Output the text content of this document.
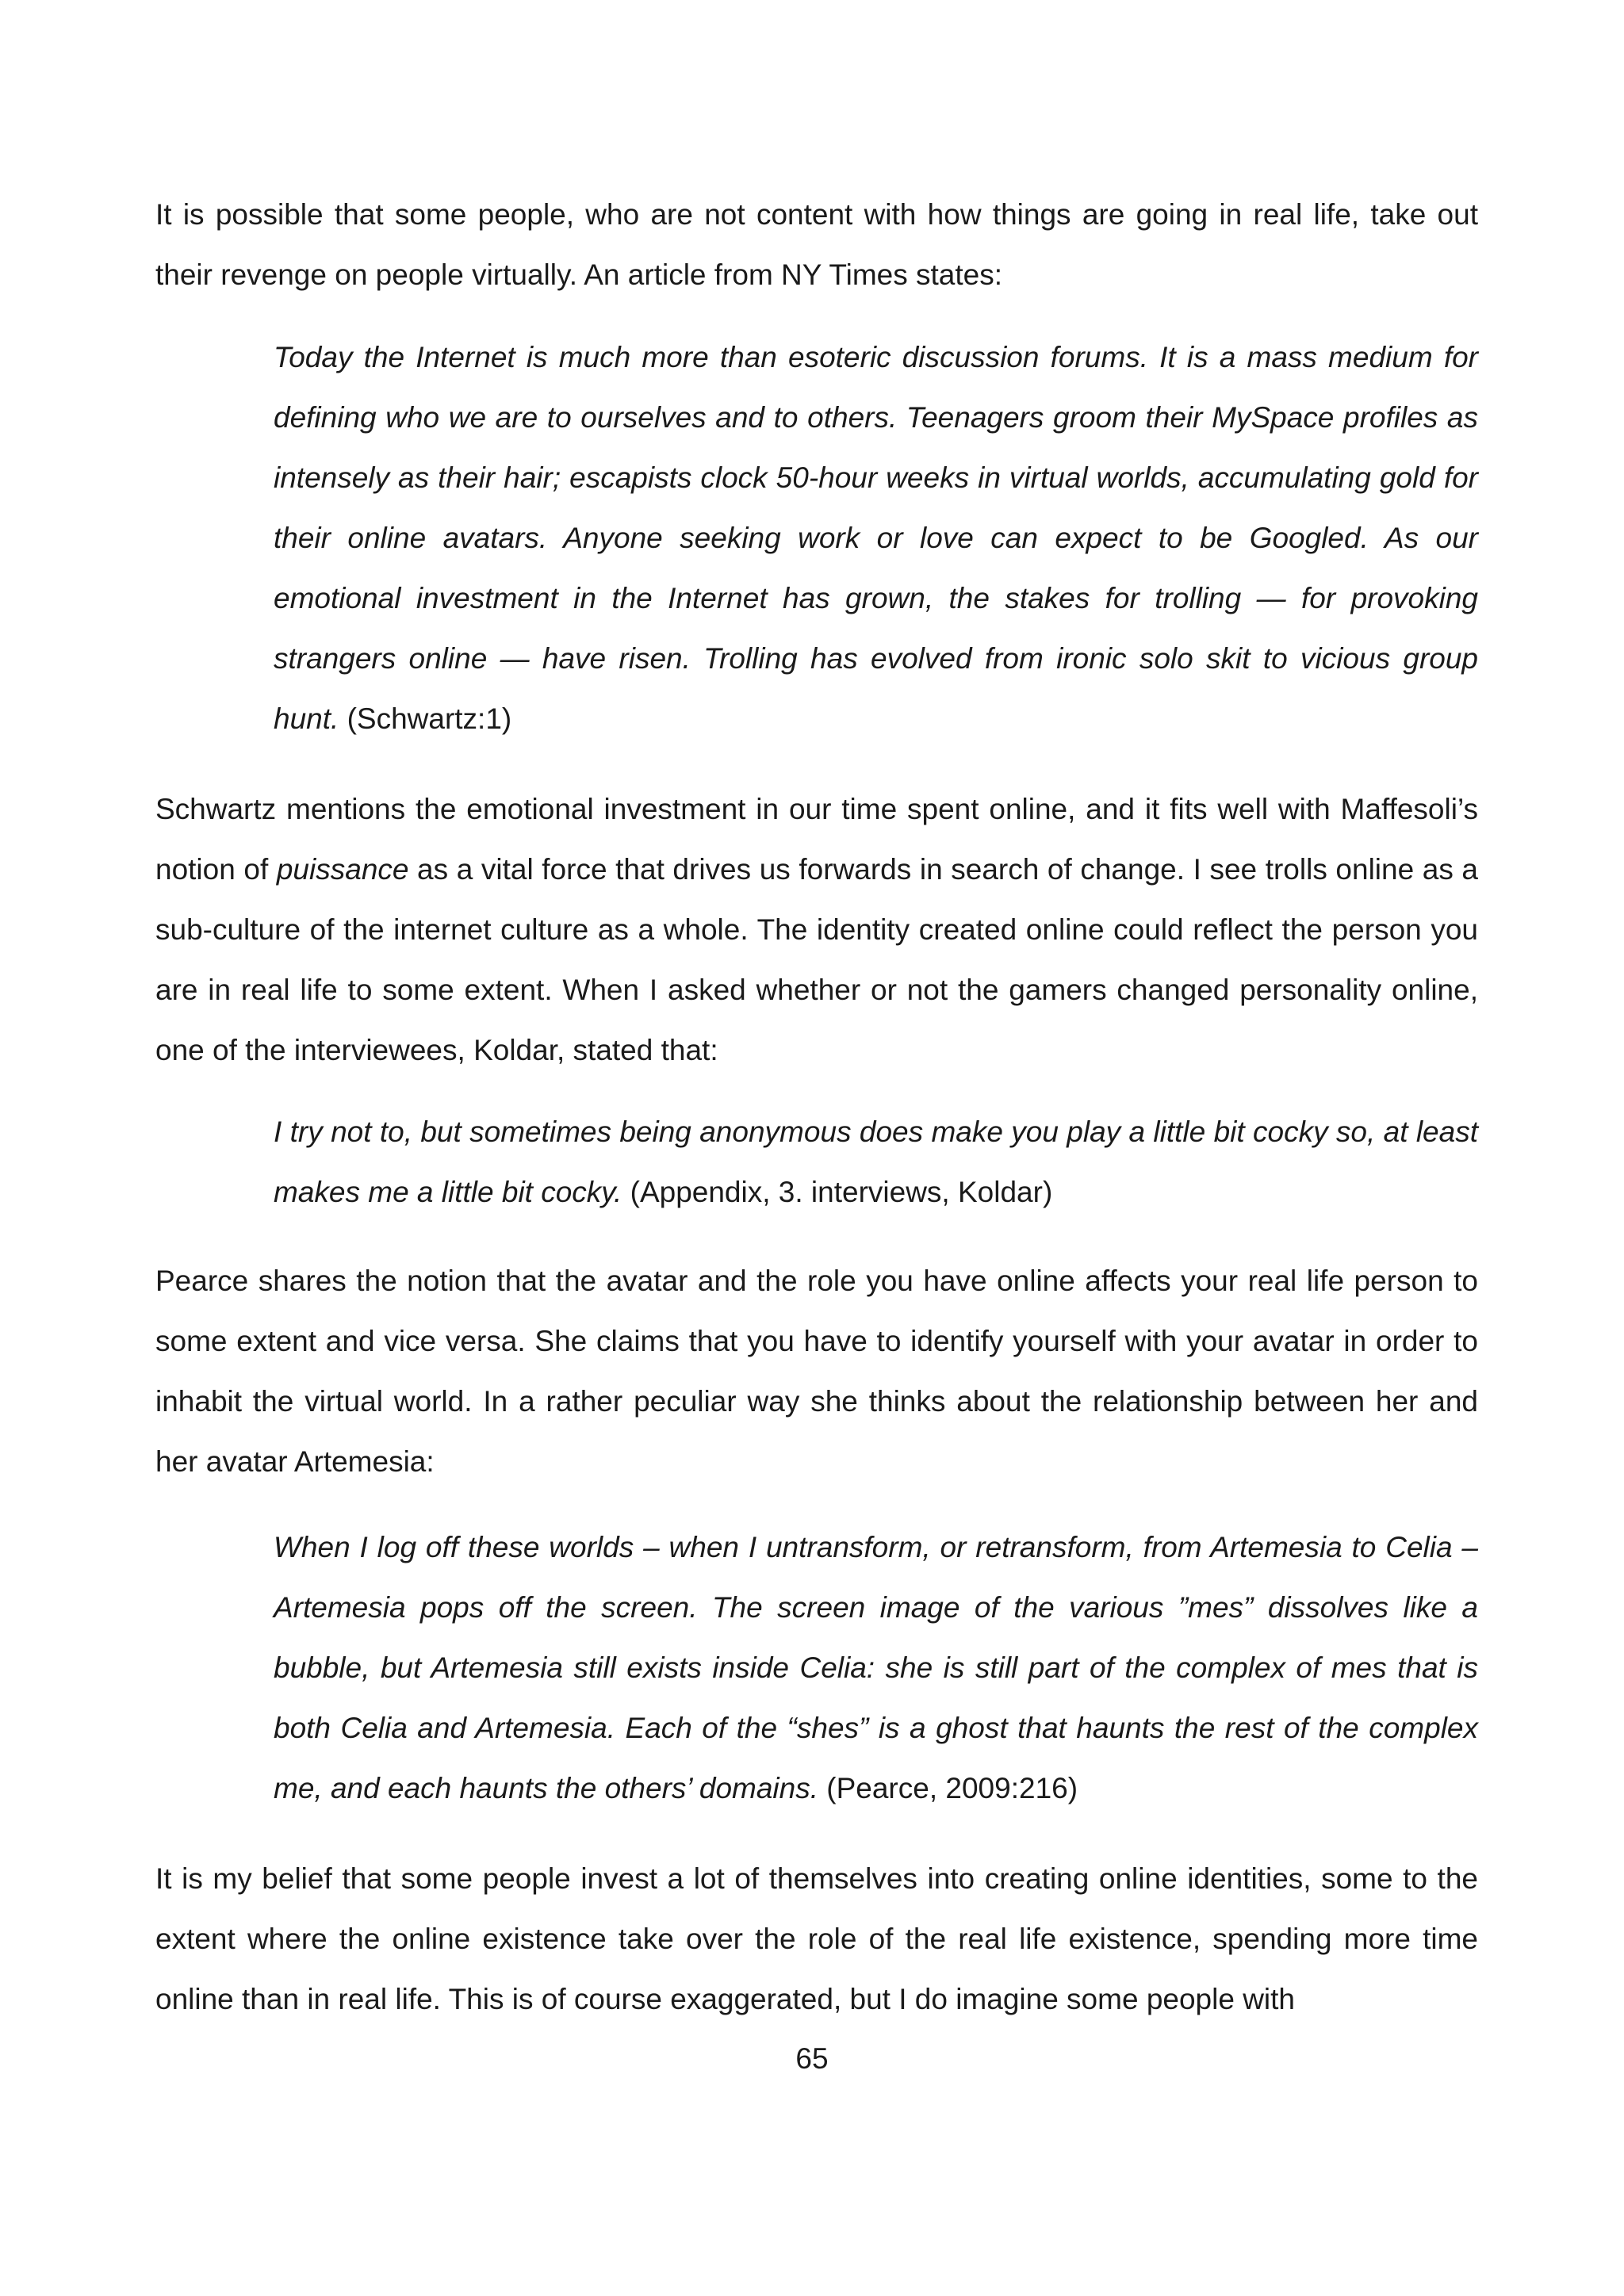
It is possible that some people, who are not content with how things are going in real life, take out their revenge on people virtually. An article from NY Times states:

Today the Internet is much more than esoteric discussion forums. It is a mass medium for defining who we are to ourselves and to others. Teenagers groom their MySpace profiles as intensely as their hair; escapists clock 50-hour weeks in virtual worlds, accumulating gold for their online avatars. Anyone seeking work or love can expect to be Googled. As our emotional investment in the Internet has grown, the stakes for trolling — for provoking strangers online — have risen. Trolling has evolved from ironic solo skit to vicious group hunt. (Schwartz:1)

Schwartz mentions the emotional investment in our time spent online, and it fits well with Maffesoli’s notion of puissance as a vital force that drives us forwards in search of change. I see trolls online as a sub-culture of the internet culture as a whole. The identity created online could reflect the person you are in real life to some extent. When I asked whether or not the gamers changed personality online, one of the interviewees, Koldar, stated that:

I try not to, but sometimes being anonymous does make you play a little bit cocky so, at least makes me a little bit cocky. (Appendix, 3. interviews, Koldar)

Pearce shares the notion that the avatar and the role you have online affects your real life person to some extent and vice versa. She claims that you have to identify yourself with your avatar in order to inhabit the virtual world. In a rather peculiar way she thinks about the relationship between her and her avatar Artemesia:

When I log off these worlds – when I untransform, or retransform, from Artemesia to Celia – Artemesia pops off the screen. The screen image of the various ”mes” dissolves like a bubble, but Artemesia still exists inside Celia: she is still part of the complex of mes that is both Celia and Artemesia. Each of the “shes” is a ghost that haunts the rest of the complex me, and each haunts the others’ domains. (Pearce, 2009:216)

It is my belief that some people invest a lot of themselves into creating online identities, some to the extent where the online existence take over the role of the real life existence, spending more time online than in real life. This is of course exaggerated, but I do imagine some people with

65
